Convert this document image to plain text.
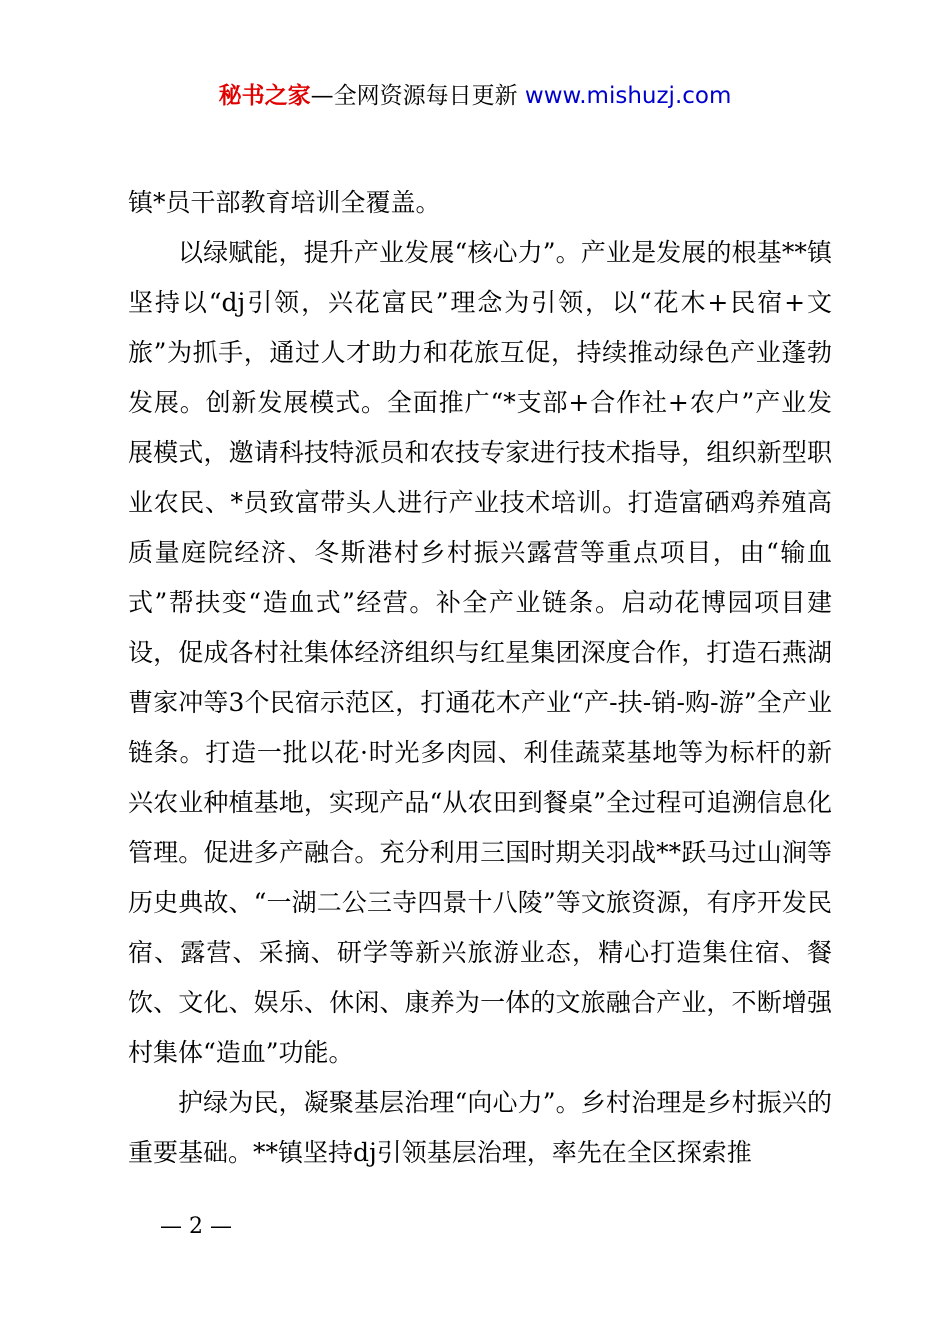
秘书之家—全网资源每日更新 www.mishuzj.com

镇*员干部教育培训全覆盖。

以绿赋能，提升产业发展“核心力”。产业是发展的根基**镇坚持以“dj引领，兴花富民”理念为引领，以“花木+民宿+文旅”为抓手，通过人才助力和花旅互促，持续推动绿色产业蓬勃发展。创新发展模式。全面推广“*支部+合作社+农户”产业发展模式，邀请科技特派员和农技专家进行技术指导，组织新型职业农民、*员致富带头人进行产业技术培训。打造富硒鸡养殖高质量庭院经济、冬斯港村乡村振兴露营等重点项目，由“输血式”帮扶变“造血式”经营。补全产业链条。启动花博园项目建设，促成各村社集体经济组织与红星集团深度合作，打造石燕湖曹家冲等3个民宿示范区，打通花木产业“产-扶-销-购-游”全产业链条。打造一批以花·时光多肉园、利佳蔬菜基地等为标杆的新兴农业种植基地，实现产品“从农田到餐桌”全过程可追溯信息化管理。促进多产融合。充分利用三国时期关羽战**跃马过山涧等历史典故、“一湖二公三寺四景十八陵”等文旅资源，有序开发民宿、露营、采摘、研学等新兴旅游业态，精心打造集住宿、餐饮、文化、娱乐、休闲、康养为一体的文旅融合产业，不断增强村集体“造血”功能。

护绿为民，凝聚基层治理“向心力”。乡村治理是乡村振兴的重要基础。**镇坚持dj引领基层治理，率先在全区探索推

— 2 —
